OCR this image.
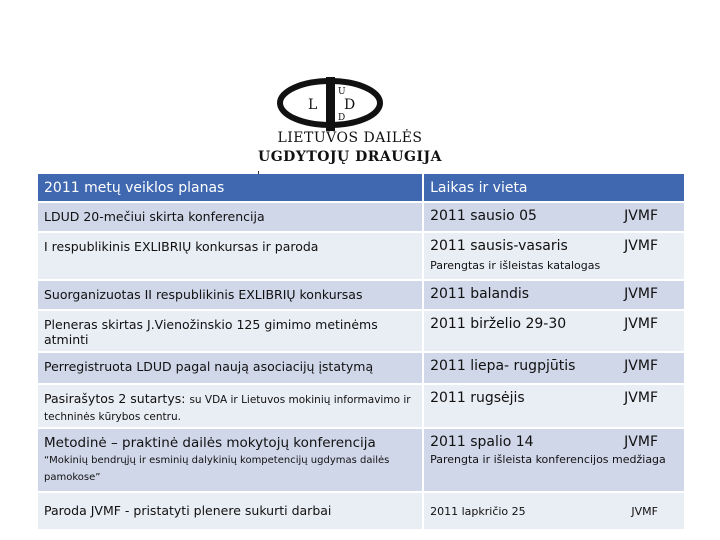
L D
U
D
LIETUVOS DAILĖS
UGDYTOJŲ DRAUGIJA
2011 metų veiklos planas	Laikas ir vieta
LDUD 20-mečiui skirta konferencija	2011 sausio 05 JVMF

I respublikinis EXLIBRIŲ konkursas ir paroda	2011 sausis-vasaris JVMF
Parengtas ir išleistas katalogas

Suorganizuotas II respublikinis EXLIBRIŲ konkursas	2011 balandis JVMF

Pleneras skirtas J.Vienožinskio 125 gimimo metinėms atminti	2011 birželio 29-30 JVMF

Perregistruota LDUD pagal naują asociacijų įstatymą	2011 liepa- rugpjūtis JVMF

Pasirašytos 2 sutartys: su VDA ir Lietuvos mokinių informavimo ir techninės kūrybos centru.	2011 rugsėjis JVMF

Metodinė – praktinė dailės mokytojų konferencija “Mokinių bendrųjų ir esminių dalykinių kompetencijų ugdymas dailės pamokose”	2011 spalio 14 JVMF
Parengta ir išleista konferencijos medžiaga

Paroda JVMF - pristatyti plenere sukurti darbai	2011 lapkričio 25 JVMF
